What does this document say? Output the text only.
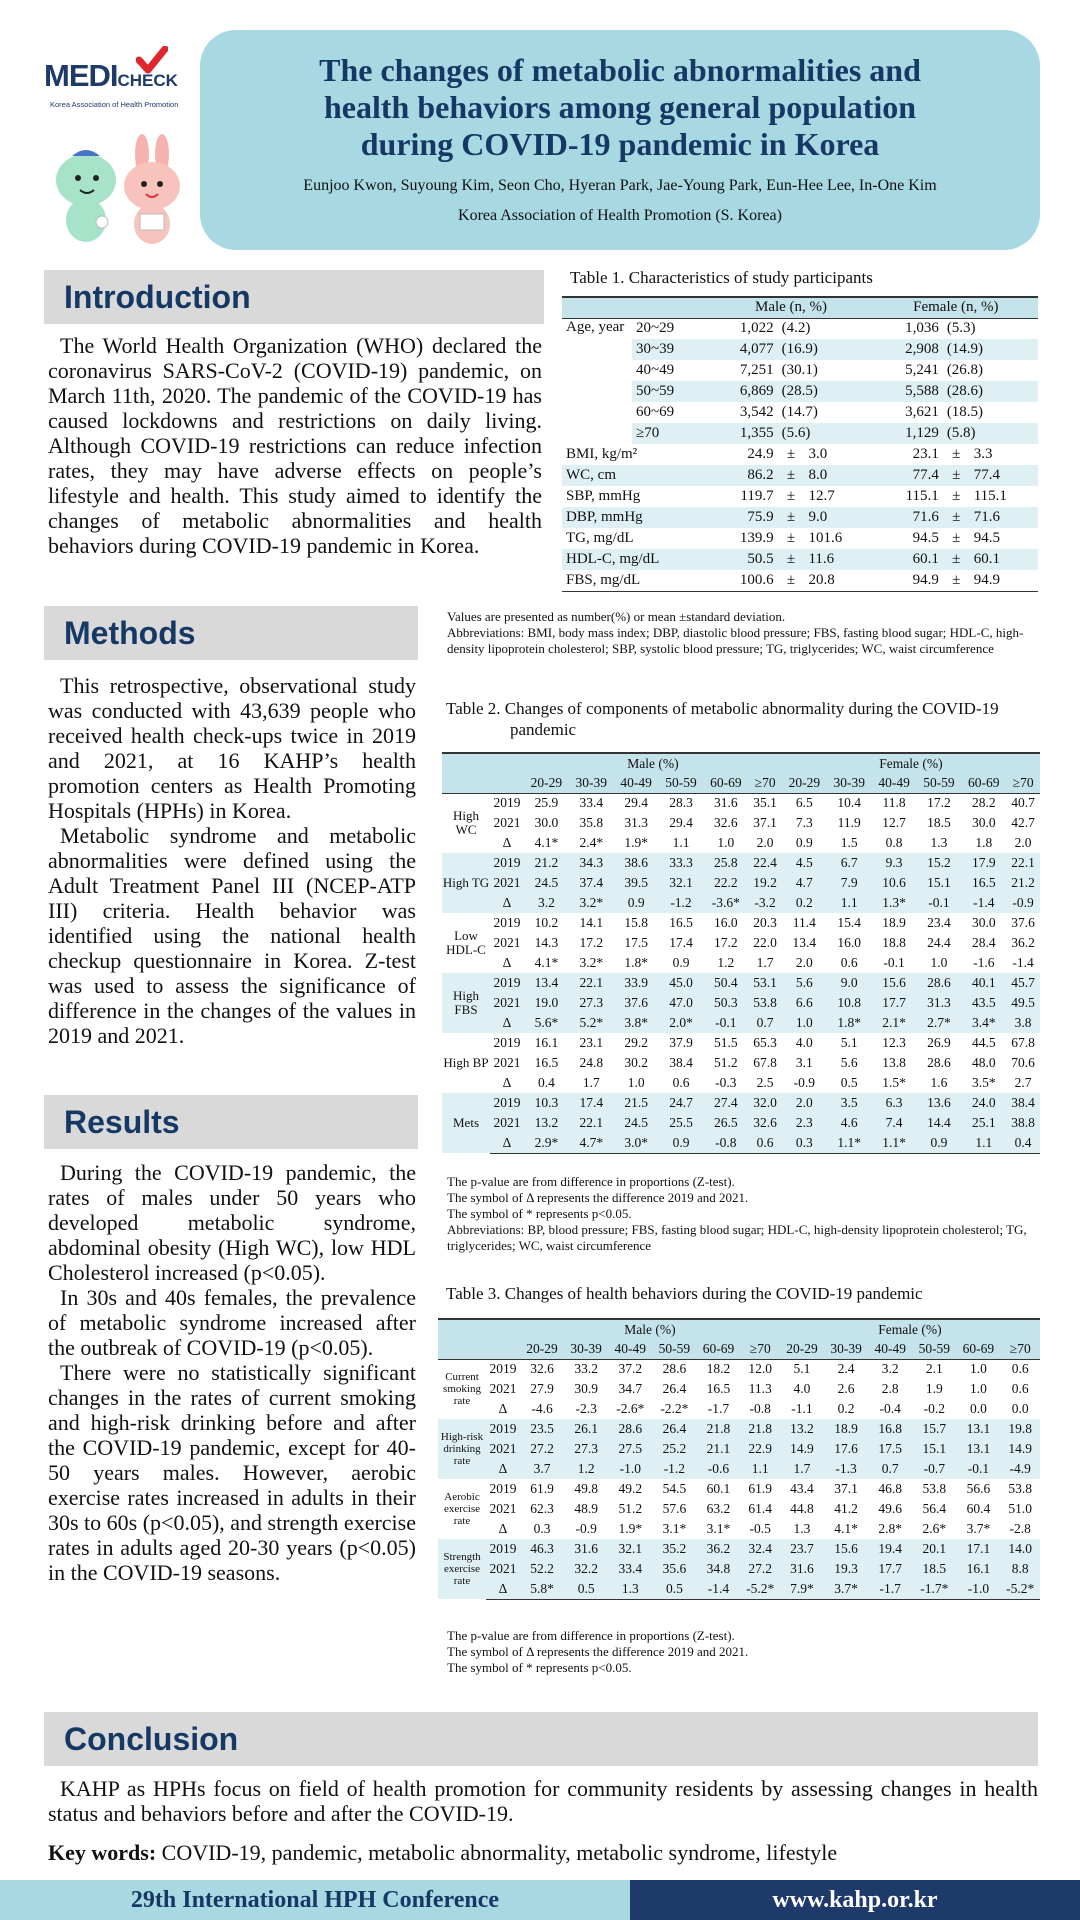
MEDICHECK
Korea Association of Health Promotion
The changes of metabolic abnormalities and
health behaviors among general population
during COVID-19 pandemic in Korea
Eunjoo Kwon, Suyoung Kim, Seon Cho, Hyeran Park, Jae-Young Park, Eun-Hee Lee, In-One Kim
Korea Association of Health Promotion (S. Korea)
Introduction

The World Health Organization (WHO) declared the coronavirus SARS-CoV-2 (COVID-19) pandemic, on March 11th, 2020. The pandemic of the COVID-19 has caused lockdowns and restrictions on daily living. Although COVID-19 restrictions can reduce infection rates, they may have adverse effects on people’s lifestyle and health. This study aimed to identify the changes of metabolic abnormalities and health behaviors during COVID-19 pandemic in Korea.

Methods

This retrospective, observational study was conducted with 43,639 people who received health check-ups twice in 2019 and 2021, at 16 KAHP’s health promotion centers as Health Promoting Hospitals (HPHs) in Korea.

Metabolic syndrome and metabolic abnormalities were defined using the Adult Treatment Panel III (NCEP-ATP III) criteria. Health behavior was identified using the national health checkup questionnaire in Korea. Z-test was used to assess the significance of difference in the changes of the values in 2019 and 2021.

Results

During the COVID-19 pandemic, the rates of males under 50 years who developed metabolic syndrome, abdominal obesity (High WC), low HDL Cholesterol increased (p<0.05).

In 30s and 40s females, the prevalence of metabolic syndrome increased after the outbreak of COVID-19 (p<0.05).

There were no statistically significant changes in the rates of current smoking and high-risk drinking before and after the COVID-19 pandemic, except for 40-50 years males. However, aerobic exercise rates increased in adults in their 30s to 60s (p<0.05), and strength exercise rates in adults aged 20-30 years (p<0.05) in the COVID-19 seasons.

Table 1. Characteristics of study participants
		Male (n, %)			Female (n, %)		
Age, year	20~29	1,022	(4.2)		1,036	(5.3)	
	30~39	4,077	(16.9)		2,908	(14.9)	
	40~49	7,251	(30.1)		5,241	(26.8)	
	50~59	6,869	(28.5)		5,588	(28.6)	
	60~69	3,542	(14.7)		3,621	(18.5)	
	≥70	1,355	(5.6)		1,129	(5.8)	
BMI, kg/m²		24.9	±	3.0	23.1	±	3.3
WC, cm		86.2	±	8.0	77.4	±	77.4
SBP, mmHg		119.7	±	12.7	115.1	±	115.1
DBP, mmHg		75.9	±	9.0	71.6	±	71.6
TG, mg/dL		139.9	±	101.6	94.5	±	94.5
HDL-C, mg/dL		50.5	±	11.6	60.1	±	60.1
FBS, mg/dL		100.6	±	20.8	94.9	±	94.9
Values are presented as number(%) or mean ±standard deviation.
Abbreviations: BMI, body mass index; DBP, diastolic blood pressure; FBS, fasting blood sugar; HDL-C, high-density lipoprotein cholesterol; SBP, systolic blood pressure; TG, triglycerides; WC, waist circumference
Table 2. Changes of components of metabolic abnormality during the COVID-19 pandemic
		Male (%)						Female (%)					
		20-29	30-39	40-49	50-59	60-69	≥70	20-29	30-39	40-49	50-59	60-69	≥70
High WC	2019	25.9	33.4	29.4	28.3	31.6	35.1	6.5	10.4	11.8	17.2	28.2	40.7
	2021	30.0	35.8	31.3	29.4	32.6	37.1	7.3	11.9	12.7	18.5	30.0	42.7
	Δ	4.1*	2.4*	1.9*	1.1	1.0	2.0	0.9	1.5	0.8	1.3	1.8	2.0
High TG	2019	21.2	34.3	38.6	33.3	25.8	22.4	4.5	6.7	9.3	15.2	17.9	22.1
	2021	24.5	37.4	39.5	32.1	22.2	19.2	4.7	7.9	10.6	15.1	16.5	21.2
	Δ	3.2	3.2*	0.9	-1.2	-3.6*	-3.2	0.2	1.1	1.3*	-0.1	-1.4	-0.9
Low HDL-C	2019	10.2	14.1	15.8	16.5	16.0	20.3	11.4	15.4	18.9	23.4	30.0	37.6
	2021	14.3	17.2	17.5	17.4	17.2	22.0	13.4	16.0	18.8	24.4	28.4	36.2
	Δ	4.1*	3.2*	1.8*	0.9	1.2	1.7	2.0	0.6	-0.1	1.0	-1.6	-1.4
High FBS	2019	13.4	22.1	33.9	45.0	50.4	53.1	5.6	9.0	15.6	28.6	40.1	45.7
	2021	19.0	27.3	37.6	47.0	50.3	53.8	6.6	10.8	17.7	31.3	43.5	49.5
	Δ	5.6*	5.2*	3.8*	2.0*	-0.1	0.7	1.0	1.8*	2.1*	2.7*	3.4*	3.8
High BP	2019	16.1	23.1	29.2	37.9	51.5	65.3	4.0	5.1	12.3	26.9	44.5	67.8
	2021	16.5	24.8	30.2	38.4	51.2	67.8	3.1	5.6	13.8	28.6	48.0	70.6
	Δ	0.4	1.7	1.0	0.6	-0.3	2.5	-0.9	0.5	1.5*	1.6	3.5*	2.7
Mets	2019	10.3	17.4	21.5	24.7	27.4	32.0	2.0	3.5	6.3	13.6	24.0	38.4
	2021	13.2	22.1	24.5	25.5	26.5	32.6	2.3	4.6	7.4	14.4	25.1	38.8
	Δ	2.9*	4.7*	3.0*	0.9	-0.8	0.6	0.3	1.1*	1.1*	0.9	1.1	0.4
The p-value are from difference in proportions (Z-test).
The symbol of Δ represents the difference 2019 and 2021.
The symbol of * represents p<0.05.
Abbreviations: BP, blood pressure; FBS, fasting blood sugar; HDL-C, high-density lipoprotein cholesterol; TG, triglycerides; WC, waist circumference
Table 3. Changes of health behaviors during the COVID-19 pandemic
		Male (%)						Female (%)					
		20-29	30-39	40-49	50-59	60-69	≥70	20-29	30-39	40-49	50-59	60-69	≥70
Current smoking rate	2019	32.6	33.2	37.2	28.6	18.2	12.0	5.1	2.4	3.2	2.1	1.0	0.6
	2021	27.9	30.9	34.7	26.4	16.5	11.3	4.0	2.6	2.8	1.9	1.0	0.6
	Δ	-4.6	-2.3	-2.6*	-2.2*	-1.7	-0.8	-1.1	0.2	-0.4	-0.2	0.0	0.0
High-risk drinking rate	2019	23.5	26.1	28.6	26.4	21.8	21.8	13.2	18.9	16.8	15.7	13.1	19.8
	2021	27.2	27.3	27.5	25.2	21.1	22.9	14.9	17.6	17.5	15.1	13.1	14.9
	Δ	3.7	1.2	-1.0	-1.2	-0.6	1.1	1.7	-1.3	0.7	-0.7	-0.1	-4.9
Aerobic exercise rate	2019	61.9	49.8	49.2	54.5	60.1	61.9	43.4	37.1	46.8	53.8	56.6	53.8
	2021	62.3	48.9	51.2	57.6	63.2	61.4	44.8	41.2	49.6	56.4	60.4	51.0
	Δ	0.3	-0.9	1.9*	3.1*	3.1*	-0.5	1.3	4.1*	2.8*	2.6*	3.7*	-2.8
Strength exercise rate	2019	46.3	31.6	32.1	35.2	36.2	32.4	23.7	15.6	19.4	20.1	17.1	14.0
	2021	52.2	32.2	33.4	35.6	34.8	27.2	31.6	19.3	17.7	18.5	16.1	8.8
	Δ	5.8*	0.5	1.3	0.5	-1.4	-5.2*	7.9*	3.7*	-1.7	-1.7*	-1.0	-5.2*
The p-value are from difference in proportions (Z-test).
The symbol of Δ represents the difference 2019 and 2021.
The symbol of * represents p<0.05.
Conclusion

KAHP as HPHs focus on field of health promotion for community residents by assessing changes in health status and behaviors before and after the COVID-19.

Key words: COVID-19, pandemic, metabolic abnormality, metabolic syndrome, lifestyle
29th International HPH Conference	www.kahp.or.kr
